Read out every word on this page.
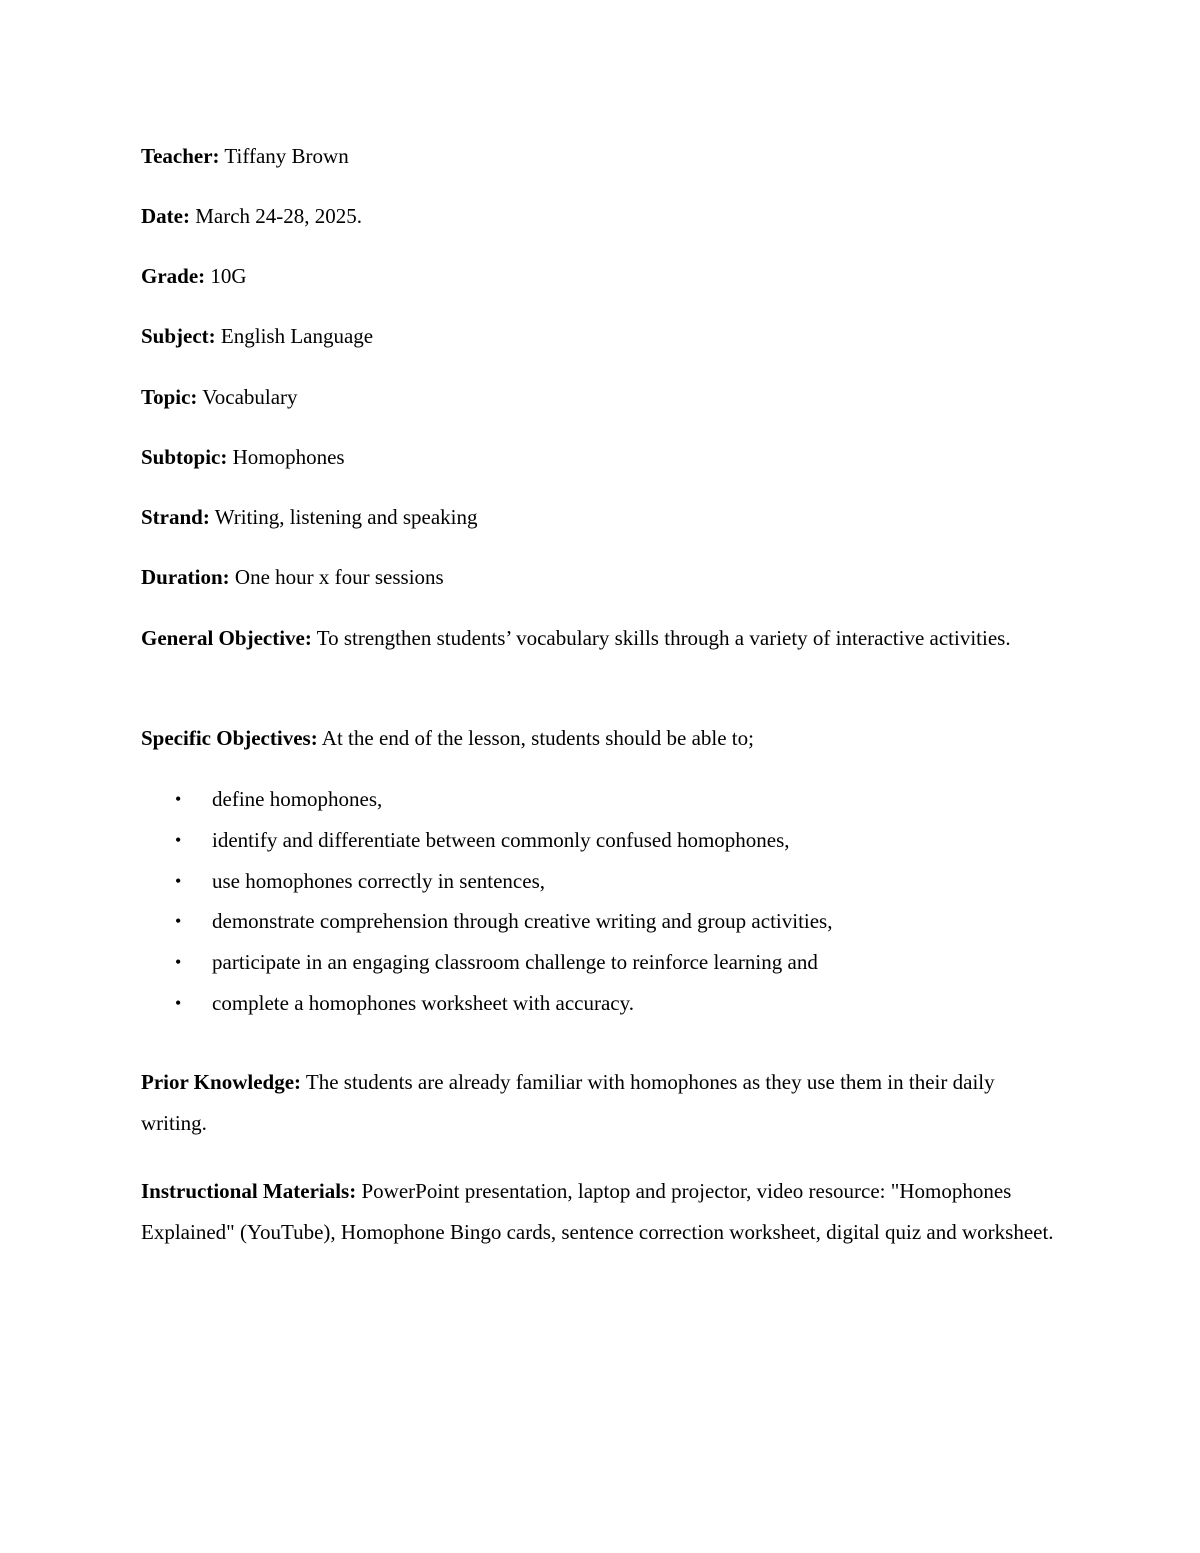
Teacher: Tiffany Brown

Date: March 24-28, 2025.

Grade: 10G

Subject: English Language

Topic: Vocabulary

Subtopic: Homophones

Strand: Writing, listening and speaking

Duration: One hour x four sessions

General Objective: To strengthen students’ vocabulary skills through a variety of interactive activities.

Specific Objectives: At the end of the lesson, students should be able to;

• define homophones,
• identify and differentiate between commonly confused homophones,
• use homophones correctly in sentences,
• demonstrate comprehension through creative writing and group activities,
• participate in an engaging classroom challenge to reinforce learning and
• complete a homophones worksheet with accuracy.

Prior Knowledge: The students are already familiar with homophones as they use them in their daily writing.

Instructional Materials: PowerPoint presentation, laptop and projector, video resource: "Homophones Explained" (YouTube), Homophone Bingo cards, sentence correction worksheet, digital quiz and worksheet.
